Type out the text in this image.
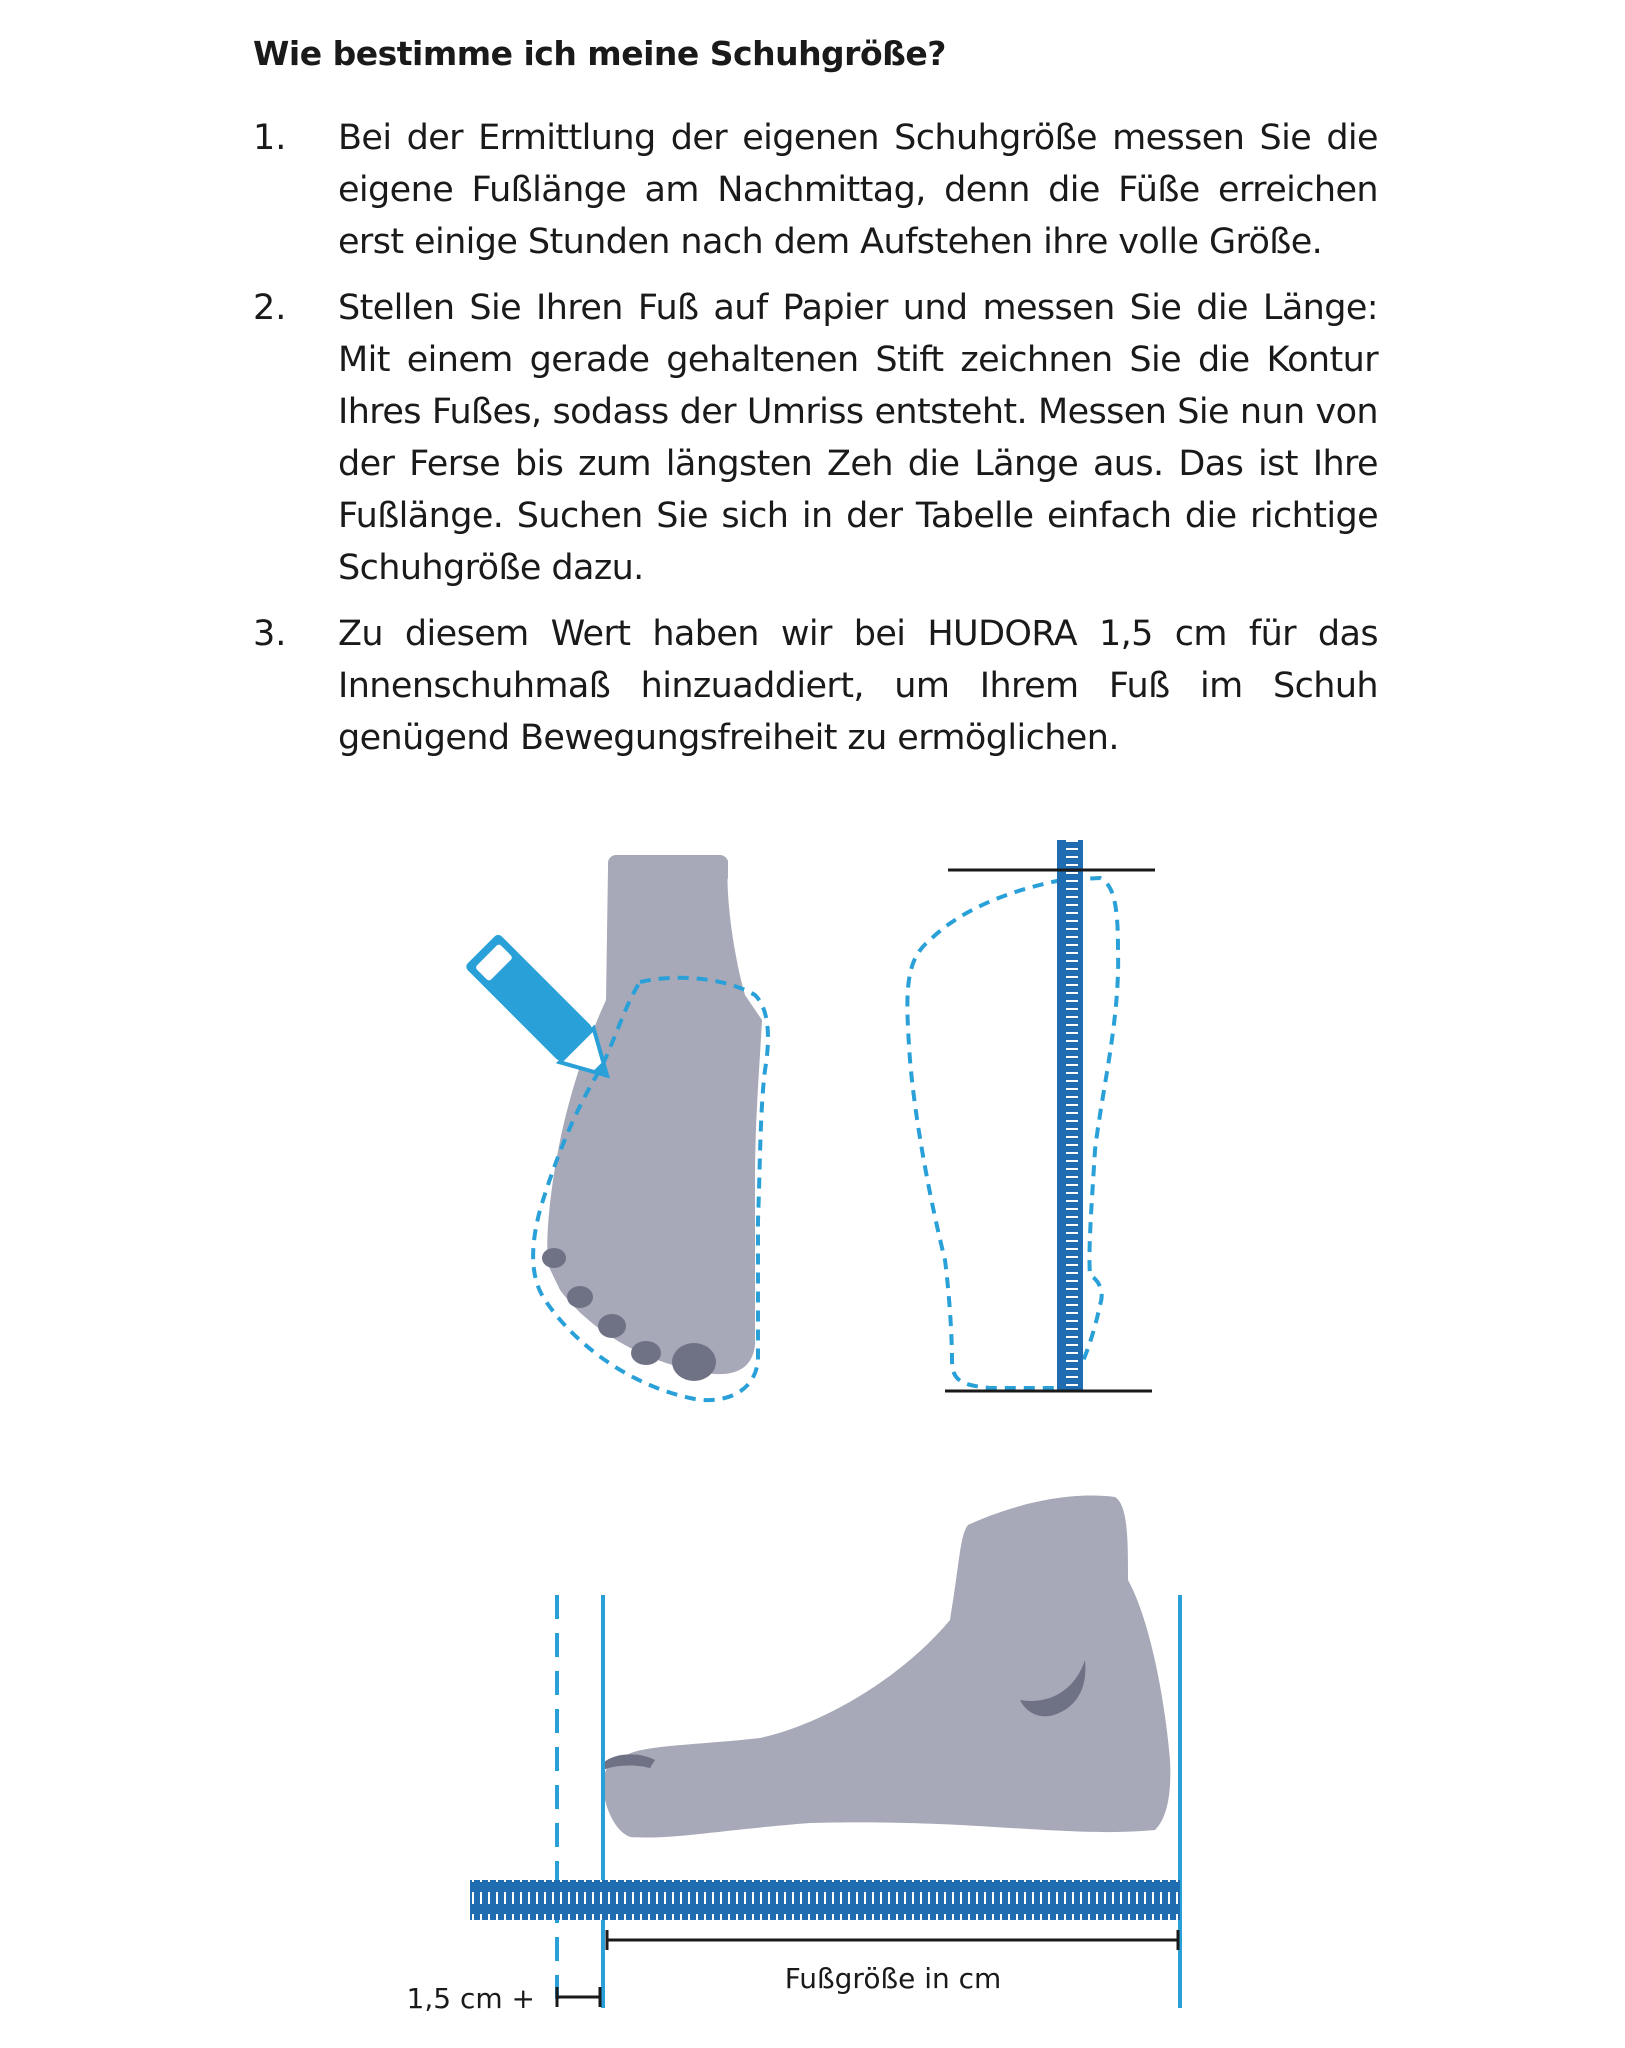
Wie bestimme ich meine Schuhgröße?
1.	Bei der Ermittlung der eigenen Schuhgröße messen Sie die eigene Fußlänge am Nachmittag, denn die Füße erreichen erst einige Stunden nach dem Aufstehen ihre volle Größe.
2.	Stellen Sie Ihren Fuß auf Papier und messen Sie die Länge: Mit einem gerade gehaltenen Stift zeichnen Sie die Kontur Ihres Fußes, sodass der Umriss entsteht. Messen Sie nun von der Ferse bis zum längsten Zeh die Länge aus. Das ist Ihre Fußlänge. Suchen Sie sich in der Tabelle einfach die richtige Schuhgröße dazu.
3.	Zu diesem Wert haben wir bei HUDORA 1,5 cm für das Innenschuhmaß hinzuaddiert, um Ihrem Fuß im Schuh genügend Bewegungsfreiheit zu ermöglichen.
Fußgröße in cm
1,5 cm +
